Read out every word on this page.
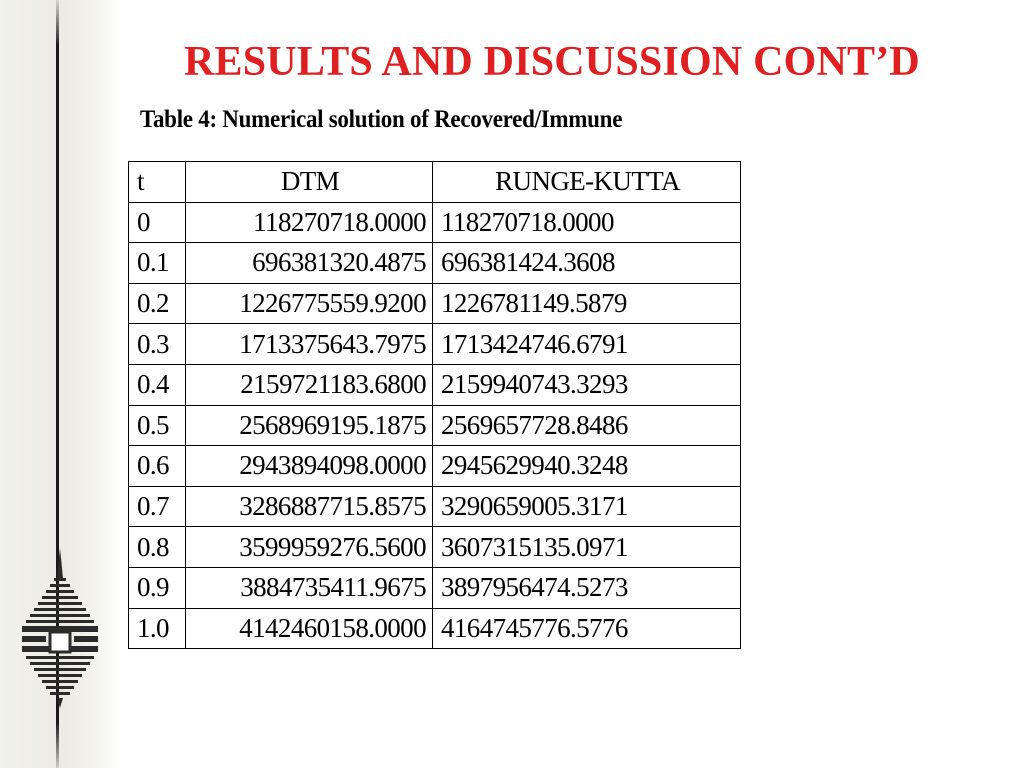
RESULTS AND DISCUSSION CONT’D

Table 4: Numerical solution of Recovered/Immune

t	DTM	RUNGE-KUTTA
0	118270718.0000	118270718.0000
0.1	696381320.4875	696381424.3608
0.2	1226775559.9200	1226781149.5879
0.3	1713375643.7975	1713424746.6791
0.4	2159721183.6800	2159940743.3293
0.5	2568969195.1875	2569657728.8486
0.6	2943894098.0000	2945629940.3248
0.7	3286887715.8575	3290659005.3171
0.8	3599959276.5600	3607315135.0971
0.9	3884735411.9675	3897956474.5273
1.0	4142460158.0000	4164745776.5776
